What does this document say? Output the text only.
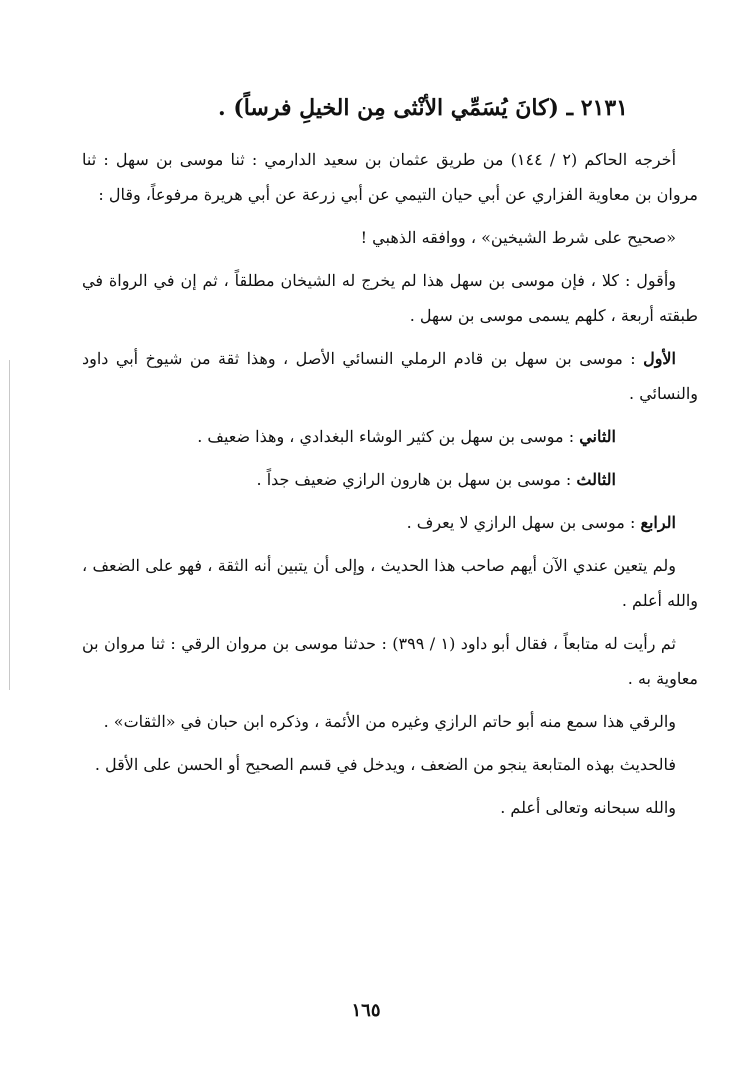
٢١٣١ ـ (كانَ يُسَمِّي الأنْثى مِن الخيلِ فرساً) .

أخرجه الحاكم (٢ / ١٤٤) من طريق عثمان بن سعيد الدارمي : ثنا موسى بن سهل : ثنا مروان بن معاوية الفزاري عن أبي حيان التيمي عن أبي زرعة عن أبي هريرة مرفوعاً، وقال :

«صحيح على شرط الشيخين» ، ووافقه الذهبي !

وأقول : كلا ، فإن موسى بن سهل هذا لم يخرج له الشيخان مطلقاً ، ثم إن في الرواة في طبقته أربعة ، كلهم يسمى موسى بن سهل .

الأول : موسى بن سهل بن قادم الرملي النسائي الأصل ، وهذا ثقة من شيوخ أبي داود والنسائي .

الثاني : موسى بن سهل بن كثير الوشاء البغدادي ، وهذا ضعيف .

الثالث : موسى بن سهل بن هارون الرازي ضعيف جداً .

الرابع : موسى بن سهل الرازي لا يعرف .

ولم يتعين عندي الآن أيهم صاحب هذا الحديث ، وإلى أن يتبين أنه الثقة ، فهو على الضعف ، والله أعلم .

ثم رأيت له متابعاً ، فقال أبو داود (١ / ٣٩٩) : حدثنا موسى بن مروان الرقي : ثنا مروان بن معاوية به .

والرقي هذا سمع منه أبو حاتم الرازي وغيره من الأئمة ، وذكره ابن حبان في «الثقات» .

فالحديث بهذه المتابعة ينجو من الضعف ، ويدخل في قسم الصحيح أو الحسن على الأقل .

والله سبحانه وتعالى أعلم .

١٦٥
